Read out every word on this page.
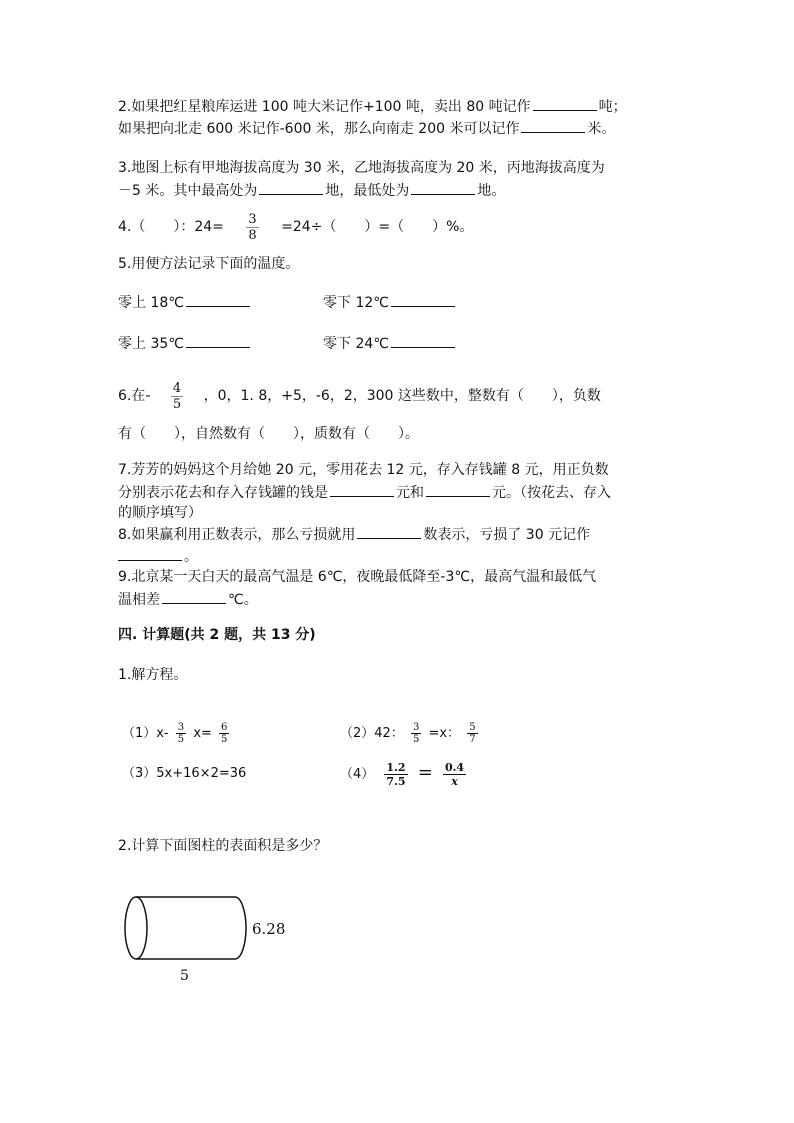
2.如果把红星粮库运进 100 吨大米记作+100 吨，卖出 80 吨记作	吨；
如果把向北走 600 米记作-600 米，那么向南走 200 米可以记作	米。
3.地图上标有甲地海拔高度为 30 米，乙地海拔高度为 20 米，丙地海拔高度为
－5 米。其中最高处为	地，最低处为	地。
4.（　　）：$24= \frac{3}{8} =24\div$（　　）=（　　）%。
5.用便方法记录下面的温度。
零上 18℃	零下 12℃
零上 35℃	零下 24℃
6.在- $\frac{4}{5}$ ，0，1. 8，+5，-6，2，300 这些数中，整数有（　　），负数
有（　　），自然数有（　　），质数有（　　）。
7.芳芳的妈妈这个月给她 20 元，零用花去 12 元，存入存钱罐 8 元，用正负数
分别表示花去和存入存钱罐的钱是	元和	元。（按花去、存入
的顺序填写）
8.如果赢利用正数表示，那么亏损就用	数表示，亏损了 30 元记作
。
9.北京某一天白天的最高气温是 6℃，夜晚最低降至-3℃，最高气温和最低气
温相差	℃。
四. 计算题(共 2 题，共 13 分)
1.解方程。
$(1)x- \frac{3}{5} x= \frac{6}{5}$	（2）42： $\frac{3}{5} =x$： $\frac{5}{7}$
（3）5x+16×2=36	$(4) \frac{1.2}{7.5} = \frac{0.4}{x}$
2.计算下面图柱的表面积是多少？
6.28
5
